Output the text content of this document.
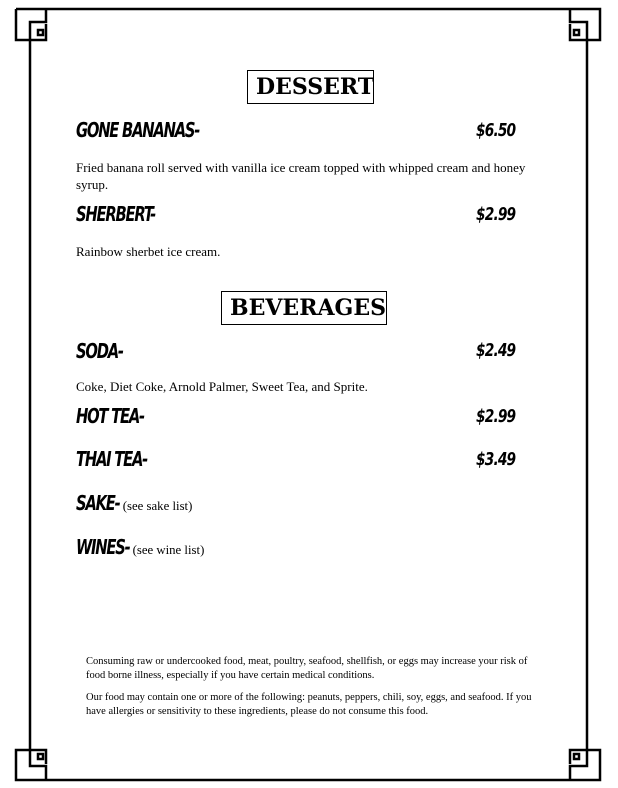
DESSERT
GONE BANANAS-	$6.50
Fried banana roll served with vanilla ice cream topped with whipped cream and honey syrup.
SHERBERT-	$2.99
Rainbow sherbet ice cream.
BEVERAGES
SODA-	$2.49
Coke, Diet Coke, Arnold Palmer, Sweet Tea, and Sprite.
HOT TEA-	$2.99
THAI TEA-	$3.49
SAKE- (see sake list)
WINES- (see wine list)
Consuming raw or undercooked food, meat, poultry, seafood, shellfish, or eggs may increase your risk of food borne illness, especially if you have certain medical conditions.
Our food may contain one or more of the following: peanuts, peppers, chili, soy, eggs, and seafood. If you have allergies or sensitivity to these ingredients, please do not consume this food.
